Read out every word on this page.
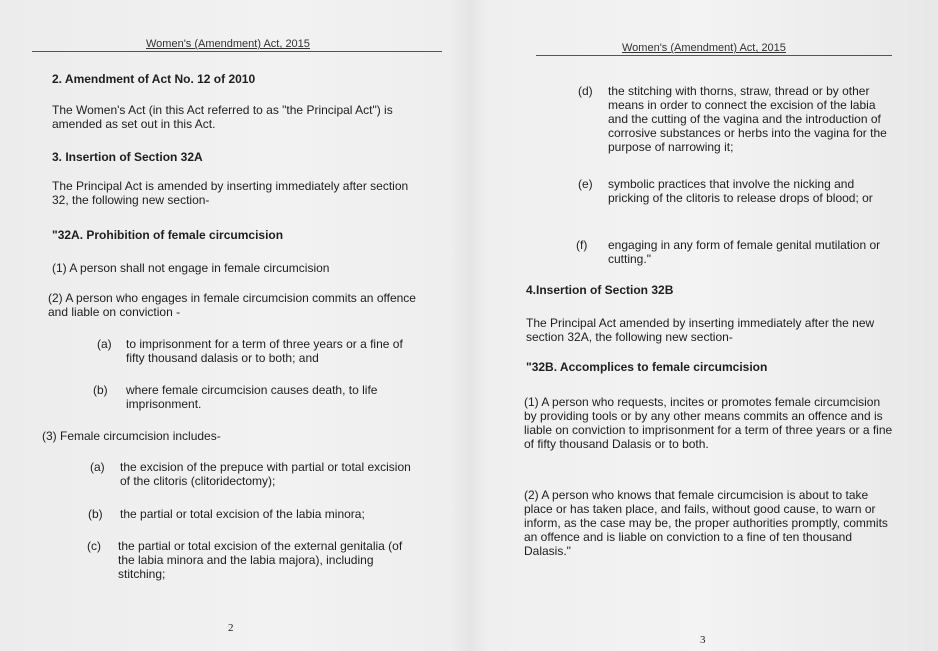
Women's (Amendment) Act, 2015
2. Amendment of Act No. 12 of 2010
The Women's Act (in this Act referred to as "the Principal Act") is amended as set out in this Act.
3. Insertion of Section 32A
The Principal Act is amended by inserting immediately after section 32, the following new section-
"32A. Prohibition of female circumcision
(1) A person shall not engage in female circumcision
(2) A person who engages in female circumcision commits an offence and liable on conviction -
(a) to imprisonment for a term of three years or a fine of fifty thousand dalasis or to both; and
(b) where female circumcision causes death, to life imprisonment.
(3) Female circumcision includes-
(a) the excision of the prepuce with partial or total excision of the clitoris (clitoridectomy);
(b) the partial or total excision of the labia minora;
(c) the partial or total excision of the external genitalia (of the labia minora and the labia majora), including stitching;
2
Women's (Amendment) Act, 2015
(d) the stitching with thorns, straw, thread or by other means in order to connect the excision of the labia and the cutting of the vagina and the introduction of corrosive substances or herbs into the vagina for the purpose of narrowing it;
(e) symbolic practices that involve the nicking and pricking of the clitoris to release drops of blood; or
(f) engaging in any form of female genital mutilation or cutting."
4.Insertion of Section 32B
The Principal Act amended by inserting immediately after the new section 32A, the following new section-
"32B. Accomplices to female circumcision
(1) A person who requests, incites or promotes female circumcision by providing tools or by any other means commits an offence and is liable on conviction to imprisonment for a term of three years or a fine of fifty thousand Dalasis or to both.
(2) A person who knows that female circumcision is about to take place or has taken place, and fails, without good cause, to warn or inform, as the case may be, the proper authorities promptly, commits an offence and is liable on conviction to a fine of ten thousand Dalasis."
3
